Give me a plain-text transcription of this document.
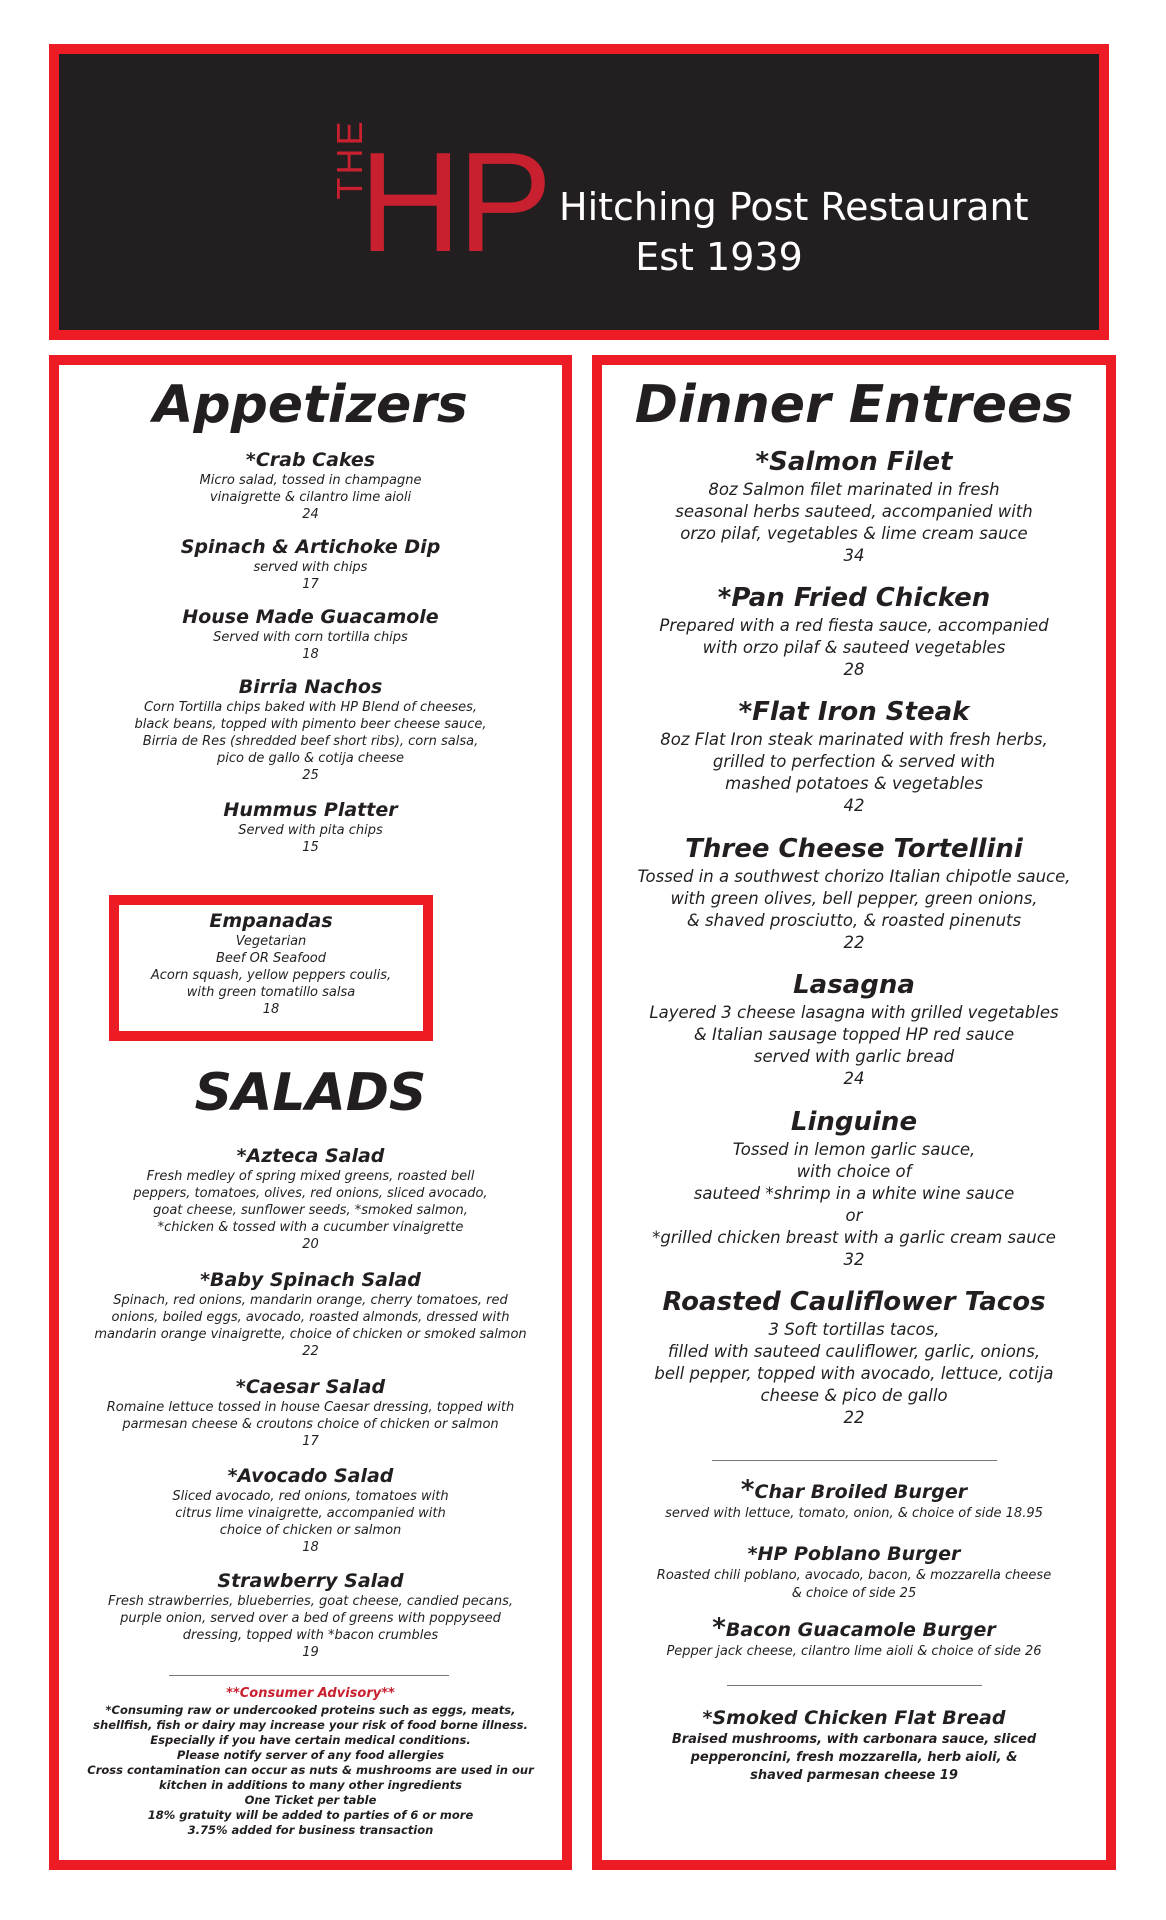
THE
HP Hitching Post Restaurant
Est 1939
Appetizers

*Crab Cakes

Micro salad, tossed in champagne

vinaigrette & cilantro lime aioli

24

Spinach & Artichoke Dip

served with chips

17

House Made Guacamole

Served with corn tortilla chips

18

Birria Nachos

Corn Tortilla chips baked with HP Blend of cheeses,

black beans, topped with pimento beer cheese sauce,

Birria de Res (shredded beef short ribs), corn salsa,

pico de gallo & cotija cheese

25

Hummus Platter

Served with pita chips

15

Empanadas

Vegetarian

Beef OR Seafood

Acorn squash, yellow peppers coulis,

with green tomatillo salsa

18

SALADS

*Azteca Salad

Fresh medley of spring mixed greens, roasted bell

peppers, tomatoes, olives, red onions, sliced avocado,

goat cheese, sunflower seeds, *smoked salmon,

*chicken & tossed with a cucumber vinaigrette

20

*Baby Spinach Salad

Spinach, red onions, mandarin orange, cherry tomatoes, red

onions, boiled eggs, avocado, roasted almonds, dressed with

mandarin orange vinaigrette, choice of chicken or smoked salmon

22

*Caesar Salad

Romaine lettuce tossed in house Caesar dressing, topped with

parmesan cheese & croutons choice of chicken or salmon

17

*Avocado Salad

Sliced avocado, red onions, tomatoes with

citrus lime vinaigrette, accompanied with

choice of chicken or salmon

18

Strawberry Salad

Fresh strawberries, blueberries, goat cheese, candied pecans,

purple onion, served over a bed of greens with poppyseed

dressing, topped with *bacon crumbles

19

**Consumer Advisory**
*Consuming raw or undercooked proteins such as eggs, meats,
shellfish, fish or dairy may increase your risk of food borne illness.
Especially if you have certain medical conditions.
Please notify server of any food allergies
Cross contamination can occur as nuts & mushrooms are used in our
kitchen in additions to many other ingredients
One Ticket per table
18% gratuity will be added to parties of 6 or more
3.75% added for business transaction
Dinner Entrees

*Salmon Filet

8oz Salmon filet marinated in fresh

seasonal herbs sauteed, accompanied with

orzo pilaf, vegetables & lime cream sauce

34

*Pan Fried Chicken

Prepared with a red fiesta sauce, accompanied

with orzo pilaf & sauteed vegetables

28

*Flat Iron Steak

8oz Flat Iron steak marinated with fresh herbs,

grilled to perfection & served with

mashed potatoes & vegetables

42

Three Cheese Tortellini

Tossed in a southwest chorizo Italian chipotle sauce,

with green olives, bell pepper, green onions,

& shaved prosciutto, & roasted pinenuts

22

Lasagna

Layered 3 cheese lasagna with grilled vegetables

& Italian sausage topped HP red sauce

served with garlic bread

24

Linguine

Tossed in lemon garlic sauce,

with choice of

sauteed *shrimp in a white wine sauce

or

*grilled chicken breast with a garlic cream sauce

32

Roasted Cauliflower Tacos

3 Soft tortillas tacos,

filled with sauteed cauliflower, garlic, onions,

bell pepper, topped with avocado, lettuce, cotija

cheese & pico de gallo

22

*Char Broiled Burger

served with lettuce, tomato, onion, & choice of side 18.95

*HP Poblano Burger

Roasted chili poblano, avocado, bacon, & mozzarella cheese

& choice of side 25

*Bacon Guacamole Burger

Pepper jack cheese, cilantro lime aioli & choice of side 26

*Smoked Chicken Flat Bread

Braised mushrooms, with carbonara sauce, sliced

pepperoncini, fresh mozzarella, herb aioli, &

shaved parmesan cheese 19
